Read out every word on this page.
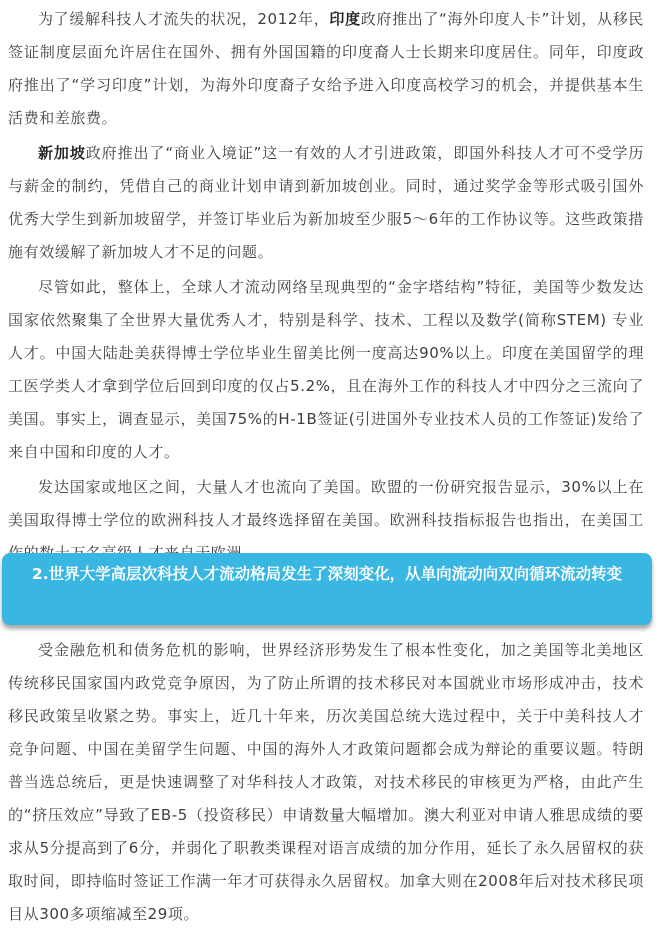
为了缓解科技人才流失的状况，2012年，印度政府推出了“海外印度人卡”计划，从移民签证制度层面允许居住在国外、拥有外国国籍的印度裔人士长期来印度居住。同年，印度政府推出了“学习印度”计划，为海外印度裔子女给予进入印度高校学习的机会，并提供基本生活费和差旅费。

新加坡政府推出了“商业入境证”这一有效的人才引进政策，即国外科技人才可不受学历与薪金的制约，凭借自己的商业计划申请到新加坡创业。同时，通过奖学金等形式吸引国外优秀大学生到新加坡留学，并签订毕业后为新加坡至少服5～6年的工作协议等。这些政策措施有效缓解了新加坡人才不足的问题。

尽管如此，整体上，全球人才流动网络呈现典型的“金字塔结构”特征，美国等少数发达国家依然聚集了全世界大量优秀人才，特别是科学、技术、工程以及数学(简称STEM) 专业人才。中国大陆赴美获得博士学位毕业生留美比例一度高达90%以上。印度在美国留学的理工医学类人才拿到学位后回到印度的仅占5.2%，且在海外工作的科技人才中四分之三流向了美国。事实上，调查显示，美国75%的H-1B签证(引进国外专业技术人员的工作签证)发给了来自中国和印度的人才。

发达国家或地区之间，大量人才也流向了美国。欧盟的一份研究报告显示，30%以上在美国取得博士学位的欧洲科技人才最终选择留在美国。欧洲科技指标报告也指出，在美国工

2.世界大学高层次科技人才流动格局发生了深刻变化，从单向流动向双向循环流动转变

受金融危机和债务危机的影响，世界经济形势发生了根本性变化，加之美国等北美地区传统移民国家国内政党竞争原因，为了防止所谓的技术移民对本国就业市场形成冲击，技术移民政策呈收紧之势。事实上，近几十年来，历次美国总统大选过程中，关于中美科技人才竞争问题、中国在美留学生问题、中国的海外人才政策问题都会成为辩论的重要议题。特朗普当选总统后，更是快速调整了对华科技人才政策，对技术移民的审核更为严格，由此产生的“挤压效应”导致了EB-5（投资移民）申请数量大幅增加。澳大利亚对申请人雅思成绩的要求从5分提高到了6分，并弱化了职教类课程对语言成绩的加分作用，延长了永久居留权的获取时间，即持临时签证工作满一年才可获得永久居留权。加拿大则在2008年后对技术移民项目从300多项缩减至29项。
